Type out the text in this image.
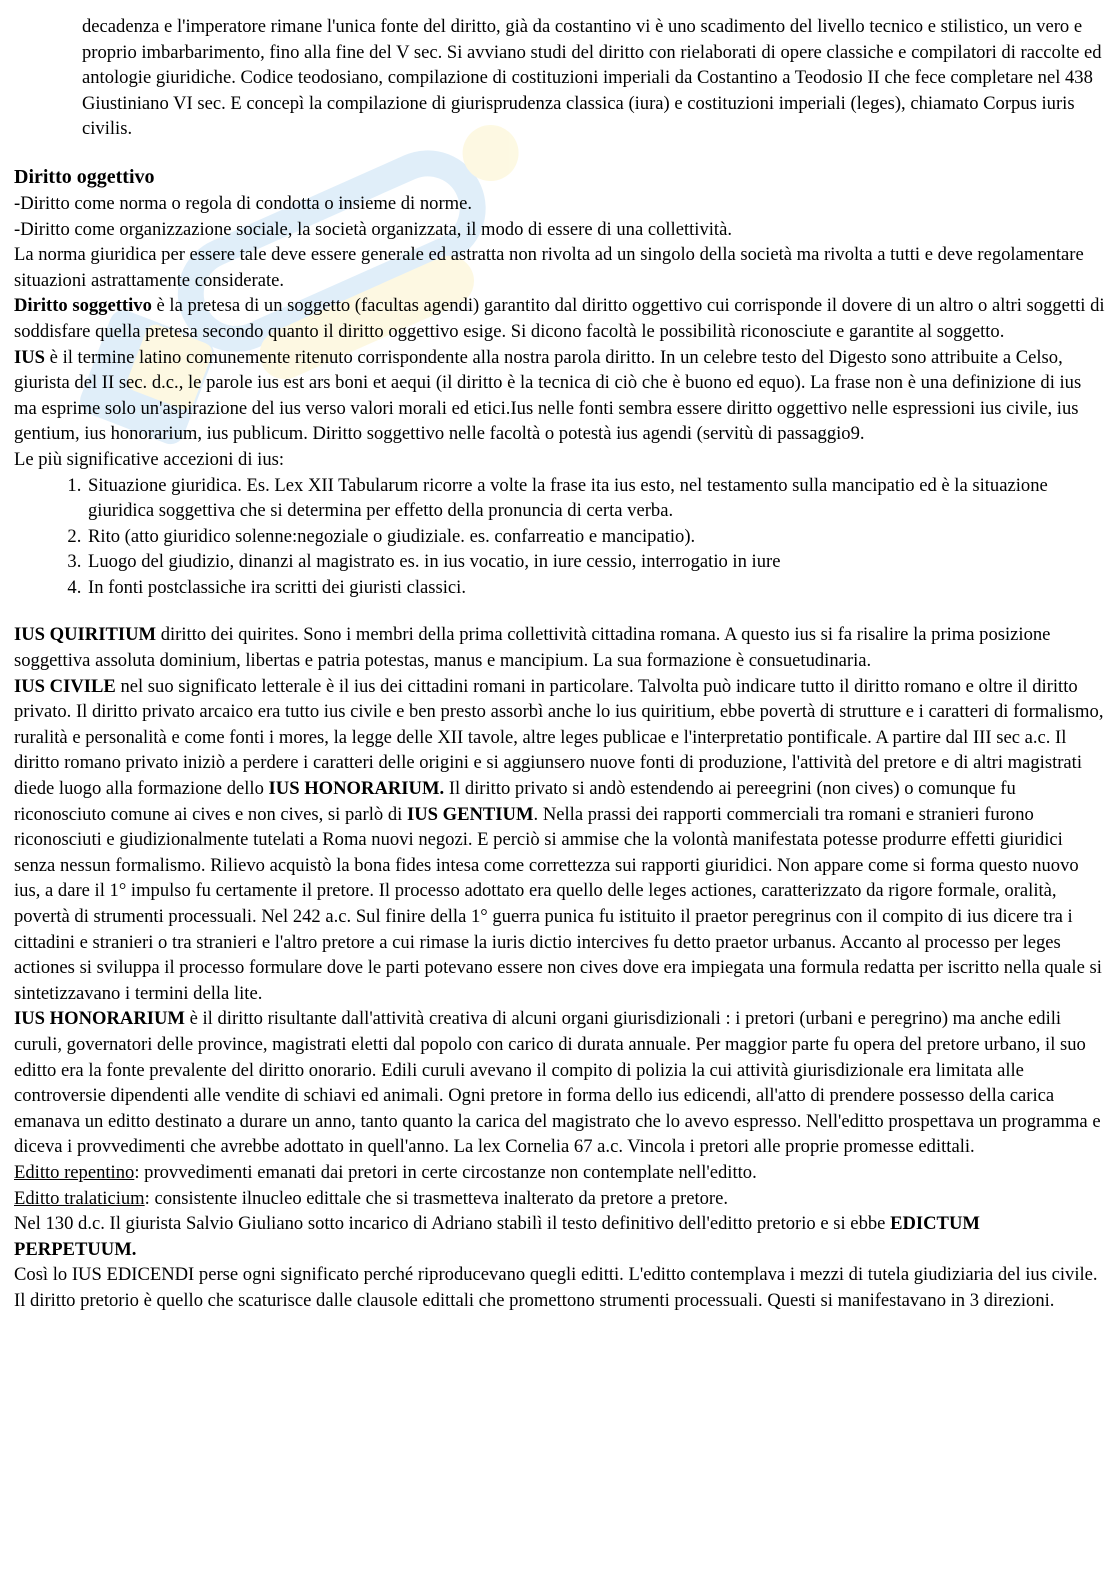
decadenza e l'imperatore rimane l'unica fonte del diritto, già da costantino vi è uno scadimento del livello tecnico e stilistico, un vero e proprio imbarbarimento, fino alla fine del V sec. Si avviano studi del diritto con rielaborati di opere classiche e compilatori di raccolte ed antologie giuridiche. Codice teodosiano, compilazione di costituzioni imperiali da Costantino a Teodosio II che fece completare nel 438 Giustiniano VI sec. E concepì la compilazione di giurisprudenza classica (iura) e costituzioni imperiali (leges), chiamato Corpus iuris civilis.

Diritto oggettivo

-Diritto come norma o regola di condotta o insieme di norme.

-Diritto come organizzazione sociale, la società organizzata, il modo di essere di una collettività.

La norma giuridica per essere tale deve essere generale ed astratta non rivolta ad un singolo della società ma rivolta a tutti e deve regolamentare situazioni astrattamente considerate.

Diritto soggettivo è la pretesa di un soggetto (facultas agendi) garantito dal diritto oggettivo cui corrisponde il dovere di un altro o altri soggetti di soddisfare quella pretesa secondo quanto il diritto oggettivo esige. Si dicono facoltà le possibilità riconosciute e garantite al soggetto.

IUS è il termine latino comunemente ritenuto corrispondente alla nostra parola diritto. In un celebre testo del Digesto sono attribuite a Celso, giurista del II sec. d.c., le parole ius est ars boni et aequi (il diritto è la tecnica di ciò che è buono ed equo). La frase non è una definizione di ius ma esprime solo un'aspirazione del ius verso valori morali ed etici.Ius nelle fonti sembra essere diritto oggettivo nelle espressioni ius civile, ius gentium, ius honorarium, ius publicum. Diritto soggettivo nelle facoltà o potestà ius agendi (servitù di passaggio9.

Le più significative accezioni di ius:

1. Situazione giuridica. Es. Lex XII Tabularum ricorre a volte la frase ita ius esto, nel testamento sulla mancipatio ed è la situazione giuridica soggettiva che si determina per effetto della pronuncia di certa verba.
2. Rito (atto giuridico solenne:negoziale o giudiziale. es. confarreatio e mancipatio).
3. Luogo del giudizio, dinanzi al magistrato es. in ius vocatio, in iure cessio, interrogatio in iure
4. In fonti postclassiche ira scritti dei giuristi classici.

IUS QUIRITIUM diritto dei quirites. Sono i membri della prima collettività cittadina romana. A questo ius si fa risalire la prima posizione soggettiva assoluta dominium, libertas e patria potestas, manus e mancipium. La sua formazione è consuetudinaria.

IUS CIVILE nel suo significato letterale è il ius dei cittadini romani in particolare. Talvolta può indicare tutto il diritto romano e oltre il diritto privato. Il diritto privato arcaico era tutto ius civile e ben presto assorbì anche lo ius quiritium, ebbe povertà di strutture e i caratteri di formalismo, ruralità e personalità e come fonti i mores, la legge delle XII tavole, altre leges publicae e l'interpretatio pontificale. A partire dal III sec a.c. Il diritto romano privato iniziò a perdere i caratteri delle origini e si aggiunsero nuove fonti di produzione, l'attività del pretore e di altri magistrati diede luogo alla formazione dello IUS HONORARIUM. Il diritto privato si andò estendendo ai pereegrini (non cives) o comunque fu riconosciuto comune ai cives e non cives, si parlò di IUS GENTIUM. Nella prassi dei rapporti commerciali tra romani e stranieri furono riconosciuti e giudizionalmente tutelati a Roma nuovi negozi. E perciò si ammise che la volontà manifestata potesse produrre effetti giuridici senza nessun formalismo. Rilievo acquistò la bona fides intesa come correttezza sui rapporti giuridici. Non appare come si forma questo nuovo ius, a dare il 1° impulso fu certamente il pretore. Il processo adottato era quello delle leges actiones, caratterizzato da rigore formale, oralità, povertà di strumenti processuali. Nel 242 a.c. Sul finire della 1° guerra punica fu istituito il praetor peregrinus con il compito di ius dicere tra i cittadini e stranieri o tra stranieri e l'altro pretore a cui rimase la iuris dictio intercives fu detto praetor urbanus. Accanto al processo per leges actiones si sviluppa il processo formulare dove le parti potevano essere non cives dove era impiegata una formula redatta per iscritto nella quale si sintetizzavano i termini della lite.

IUS HONORARIUM è il diritto risultante dall'attività creativa di alcuni organi giurisdizionali : i pretori (urbani e peregrino) ma anche edili curuli, governatori delle province, magistrati eletti dal popolo con carico di durata annuale. Per maggior parte fu opera del pretore urbano, il suo editto era la fonte prevalente del diritto onorario. Edili curuli avevano il compito di polizia la cui attività giurisdizionale era limitata alle controversie dipendenti alle vendite di schiavi ed animali. Ogni pretore in forma dello ius edicendi, all'atto di prendere possesso della carica emanava un editto destinato a durare un anno, tanto quanto la carica del magistrato che lo avevo espresso. Nell'editto prospettava un programma e diceva i provvedimenti che avrebbe adottato in quell'anno. La lex Cornelia 67 a.c. Vincola i pretori alle proprie promesse edittali.

Editto repentino: provvedimenti emanati dai pretori in certe circostanze non contemplate nell'editto.

Editto tralaticium: consistente ilnucleo edittale che si trasmetteva inalterato da pretore a pretore.

Nel 130 d.c. Il giurista Salvio Giuliano sotto incarico di Adriano stabilì il testo definitivo dell'editto pretorio e si ebbe EDICTUM PERPETUUM.

Così lo IUS EDICENDI perse ogni significato perché riproducevano quegli editti. L'editto contemplava i mezzi di tutela giudiziaria del ius civile. Il diritto pretorio è quello che scaturisce dalle clausole edittali che promettono strumenti processuali. Questi si manifestavano in 3 direzioni.
